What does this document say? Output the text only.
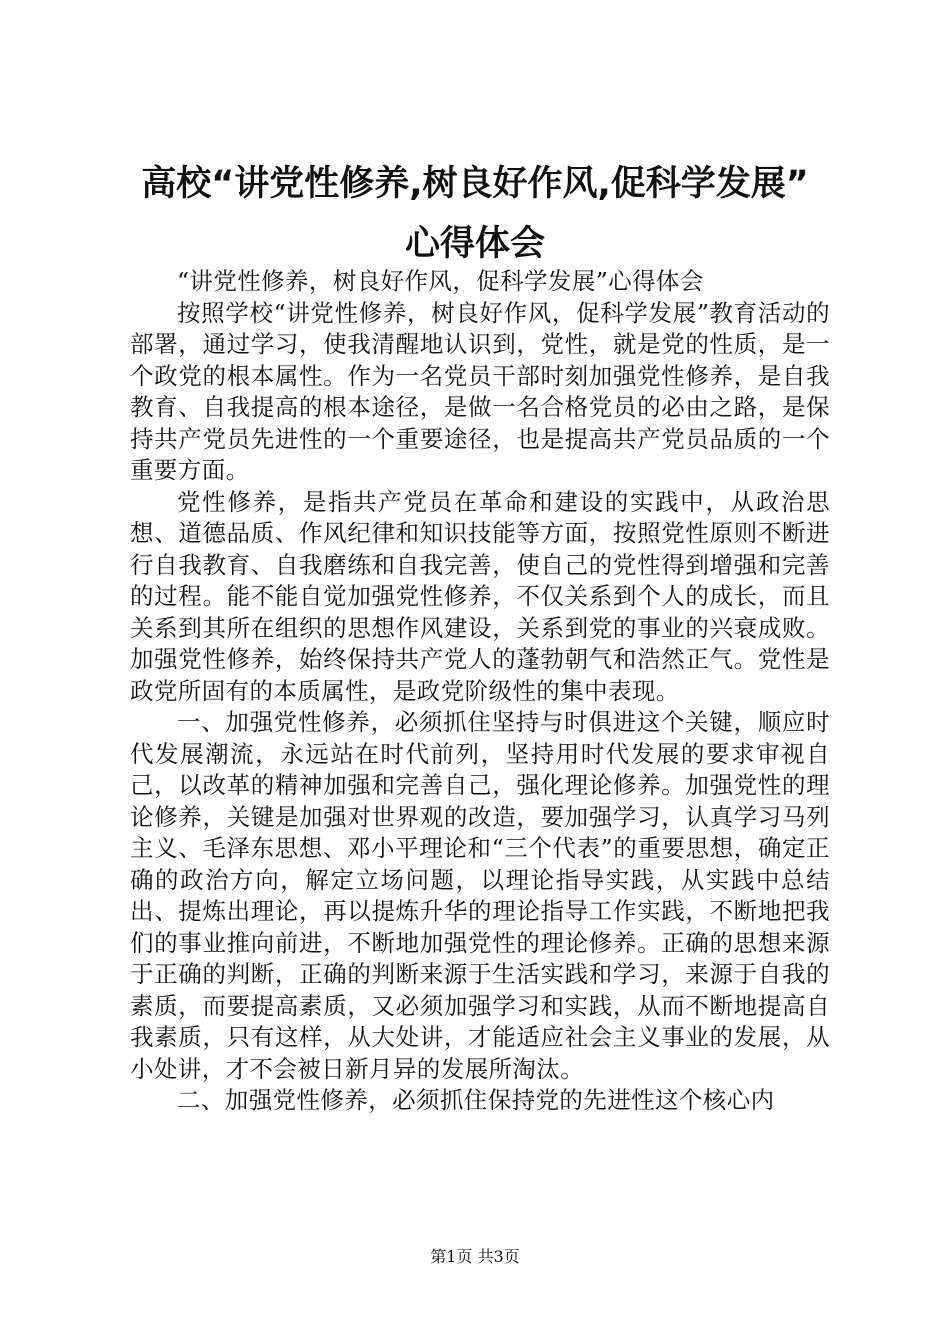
高校“讲党性修养,树良好作风,促科学发展”
心得体会

“讲党性修养，树良好作风，促科学发展”心得体会

按照学校“讲党性修养，树良好作风，促科学发展”教育活动的部署，通过学习，使我清醒地认识到，党性，就是党的性质，是一个政党的根本属性。作为一名党员干部时刻加强党性修养，是自我教育、自我提高的根本途径，是做一名合格党员的必由之路，是保持共产党员先进性的一个重要途径，也是提高共产党员品质的一个重要方面。

党性修养，是指共产党员在革命和建设的实践中，从政治思想、道德品质、作风纪律和知识技能等方面，按照党性原则不断进行自我教育、自我磨练和自我完善，使自己的党性得到增强和完善的过程。能不能自觉加强党性修养，不仅关系到个人的成长，而且关系到其所在组织的思想作风建设，关系到党的事业的兴衰成败。加强党性修养，始终保持共产党人的蓬勃朝气和浩然正气。党性是政党所固有的本质属性，是政党阶级性的集中表现。

一、加强党性修养，必须抓住坚持与时俱进这个关键，顺应时代发展潮流，永远站在时代前列，坚持用时代发展的要求审视自己，以改革的精神加强和完善自己，强化理论修养。加强党性的理论修养，关键是加强对世界观的改造，要加强学习，认真学习马列主义、毛泽东思想、邓小平理论和“三个代表”的重要思想，确定正确的政治方向，解定立场问题，以理论指导实践，从实践中总结出、提炼出理论，再以提炼升华的理论指导工作实践，不断地把我们的事业推向前进，不断地加强党性的理论修养。正确的思想来源于正确的判断，正确的判断来源于生活实践和学习，来源于自我的素质，而要提高素质，又必须加强学习和实践，从而不断地提高自我素质，只有这样，从大处讲，才能适应社会主义事业的发展，从小处讲，才不会被日新月异的发展所淘汰。

二、加强党性修养，必须抓住保持党的先进性这个核心内

第1页 共3页
